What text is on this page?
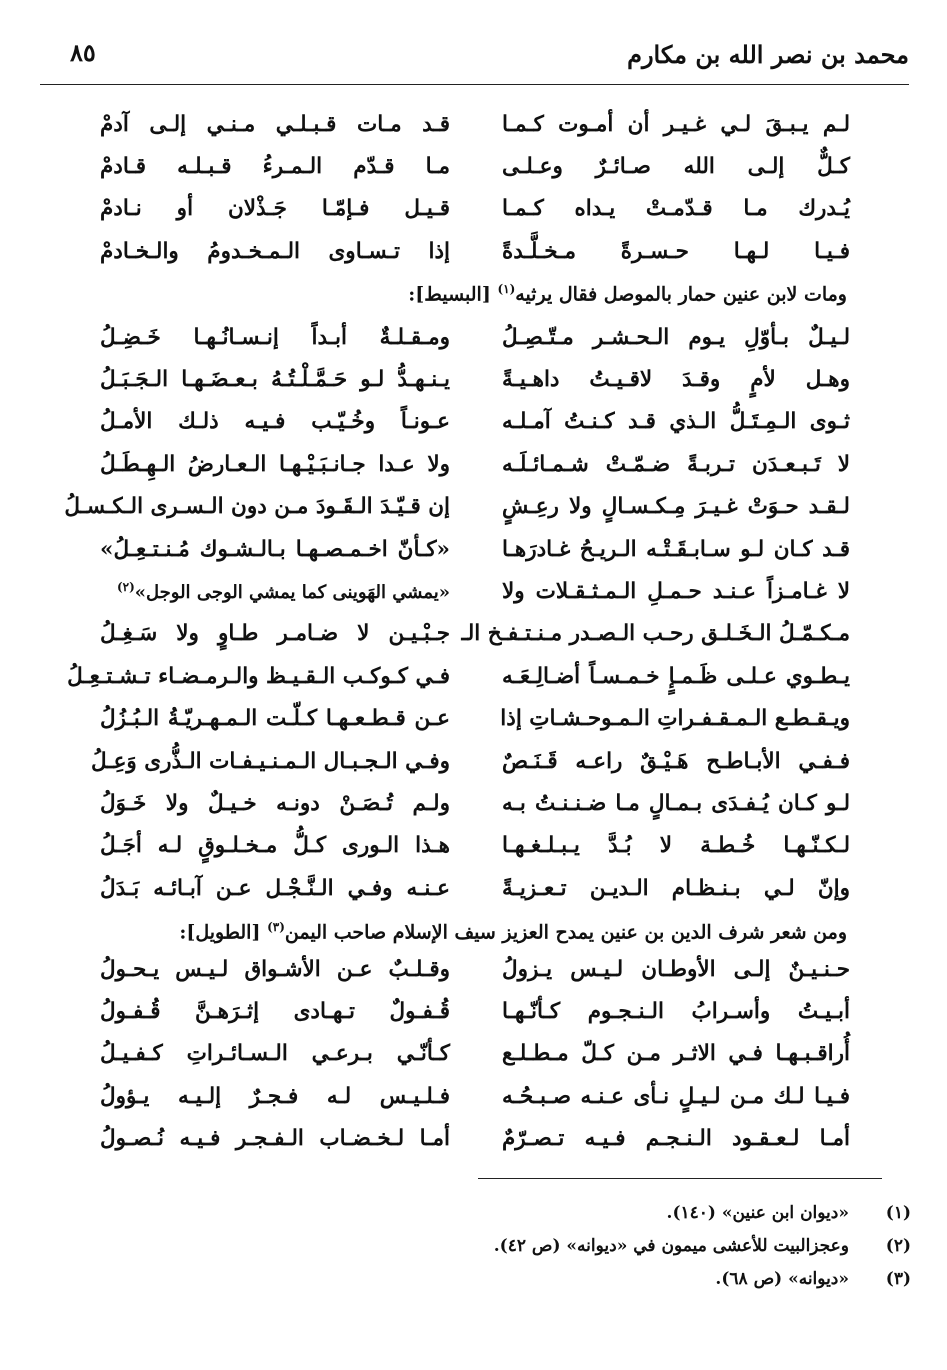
محمد بن نصر الله بن مكارم
٨٥
لـم يـبـقَ لـي غـيـر أن أمـوت كـمـا
قـد مـات قـبـلـي مـنـي إلـى آدمْ
كـلٌّ إلـى الله صـائـرٌ وعـلـى
مـا قـدّم الـمـرءُ قـبـلـه قـادمْ
يُـدرك مـا قـدّمـتْ يـداه كـمـا
قـيـل فـإمّـا جَـذْلان أو نـادمْ
فـيـا لـهـا حـسـرةً مـخـلَّـدةً
إذا تـسـاوى الـمـخـدومُ والـخـادمْ
ومات لابن عنين حمار بالموصل فقال يرثيه$^{(١)}$ [البسيط]:
لـيـلٌ بـأوّلِ يـوم الـحـشـر مـتّـصِـلُ
ومـقـلـةٌ أبـداً إنـسـانُـهـا خَـضِـلُ
وهـل لأمٍ وقـدَ لاقـيـتُ داهـيـةً
يـنـهـدُّ لـو حَـمَّـلْـتُـهُ بـعـضَـهـا الـجَـبَـلُ
ثـوى الـمِـتَـلُّ الـذي قـد كـنـتُ آمـلـه
عـونـاً وخُـيّـب فـيـه ذلـك الأمـلُ
لا تَـبـعـدَن تـربـةً ضـمّـتْ شـمـائـلَـه
ولا عـدا جـانـبَـيْـهـا الـعـارضُ الـهِـطَـلُ
لـقـد حـوَتْ غـيـرَ مِـكـسـالٍ ولا رعِـشٍ
إن قـيّـدَ الـقَـودَ مـن دون الـسـرى الـكـسـلُ
قـد كـان لـو سـابـقَـتْـه الـريـحُ غـادرَهـا
«كـأنّ اخـمـصـهـا بـالـشـوك مُـنـتـعِـلُ»
لا غـامـزاً عـنـد حـمـلِ الـمـثـقـلات ولا
«يمشي الهَوينى كما يمشي الوجى الوجل»$^{(٢)}$
مـكـمّـلُ الـخَـلـق رحـب الـصـدر مـنـتـفـخ الـ
جـبْـيـن لا ضـامـر طـاوٍ ولا سَـغِـلُ
يـطـوي عـلـى ظَـمـإٍ خـمـسـاً أضـالِـعَـه
فـي كـوكـب الـقـيـظ والـرمـضـاء تـشـتـعِـلُ
ويـقـطـع الـمـقـفـراتِ الـمـوحـشـاتِ إذا
عـن قـطـعـهـا كـلّـت الـمـهـريّـةُ الـبُـزُلُ
فـفـي الأبـاطـح هَـيْـقٌ راعـه قَـنَـصٌ
وفـي الـجـبـال الـمـنـيـفـات الـذُّرى وَعِـلُ
لـو كـان يُـفـدَى بـمـالٍ مـا ضـنـنـتُ بـه
ولـم تُـصَـنْ دونـه خـيـلٌ ولا خَـوَلُ
لـكـنّـهـا خُـطـة لا بُـدَّ يـبـلـغـهـا
هـذا الـورى كـلُّ مـخـلـوقٍ لـه أجَـلُ
وإنّ لـي بـنـظـام الـديـن تـعـزيـةً
عـنـه وفـي الـنَّـجْـل عـن آبـائـه بَـدَلُ
ومن شعر شرف الدين بن عنين يمدح العزيز سيف الإسلام صاحب اليمن$^{(٣)}$ [الطويل]:
حـنـيـنٌ إلـى الأوطـان لـيـس يـزولُ
وقـلـبٌ عـن الأشـواق لـيـس يـحـولُ
أبـيـتُ وأسـرابُ الـنـجـوم كـأنّـهـا
قُـفـولٌ تـهـادى إثـرَهـنَّ قُـفـولُ
أُراقـبـهـا فـي الاثـر مـن كـلّ مـطـلـع
كـأنّـي بـرعـي الـسـائـراتِ كـفـيـلُ
فـيـا لـك مـن لـيـلٍ نـأى عـنـه صـبـحُـه
فـلـيـس لـه فـجـرٌ إلـيـه يـؤولُ
أمـا لـعـقـود الـنـجـم فـيـه تـصـرّمٌ
أمـا لـخـضـاب الـفـجـر فـيـه نُـصـولُ
(١)
«ديوان ابن عنين» (١٤٠).
(٢)
وعجزالبيت للأعشى ميمون في «ديوانه» (ص ٤٢).
(٣)
«ديوانه» (ص ٦٨).
